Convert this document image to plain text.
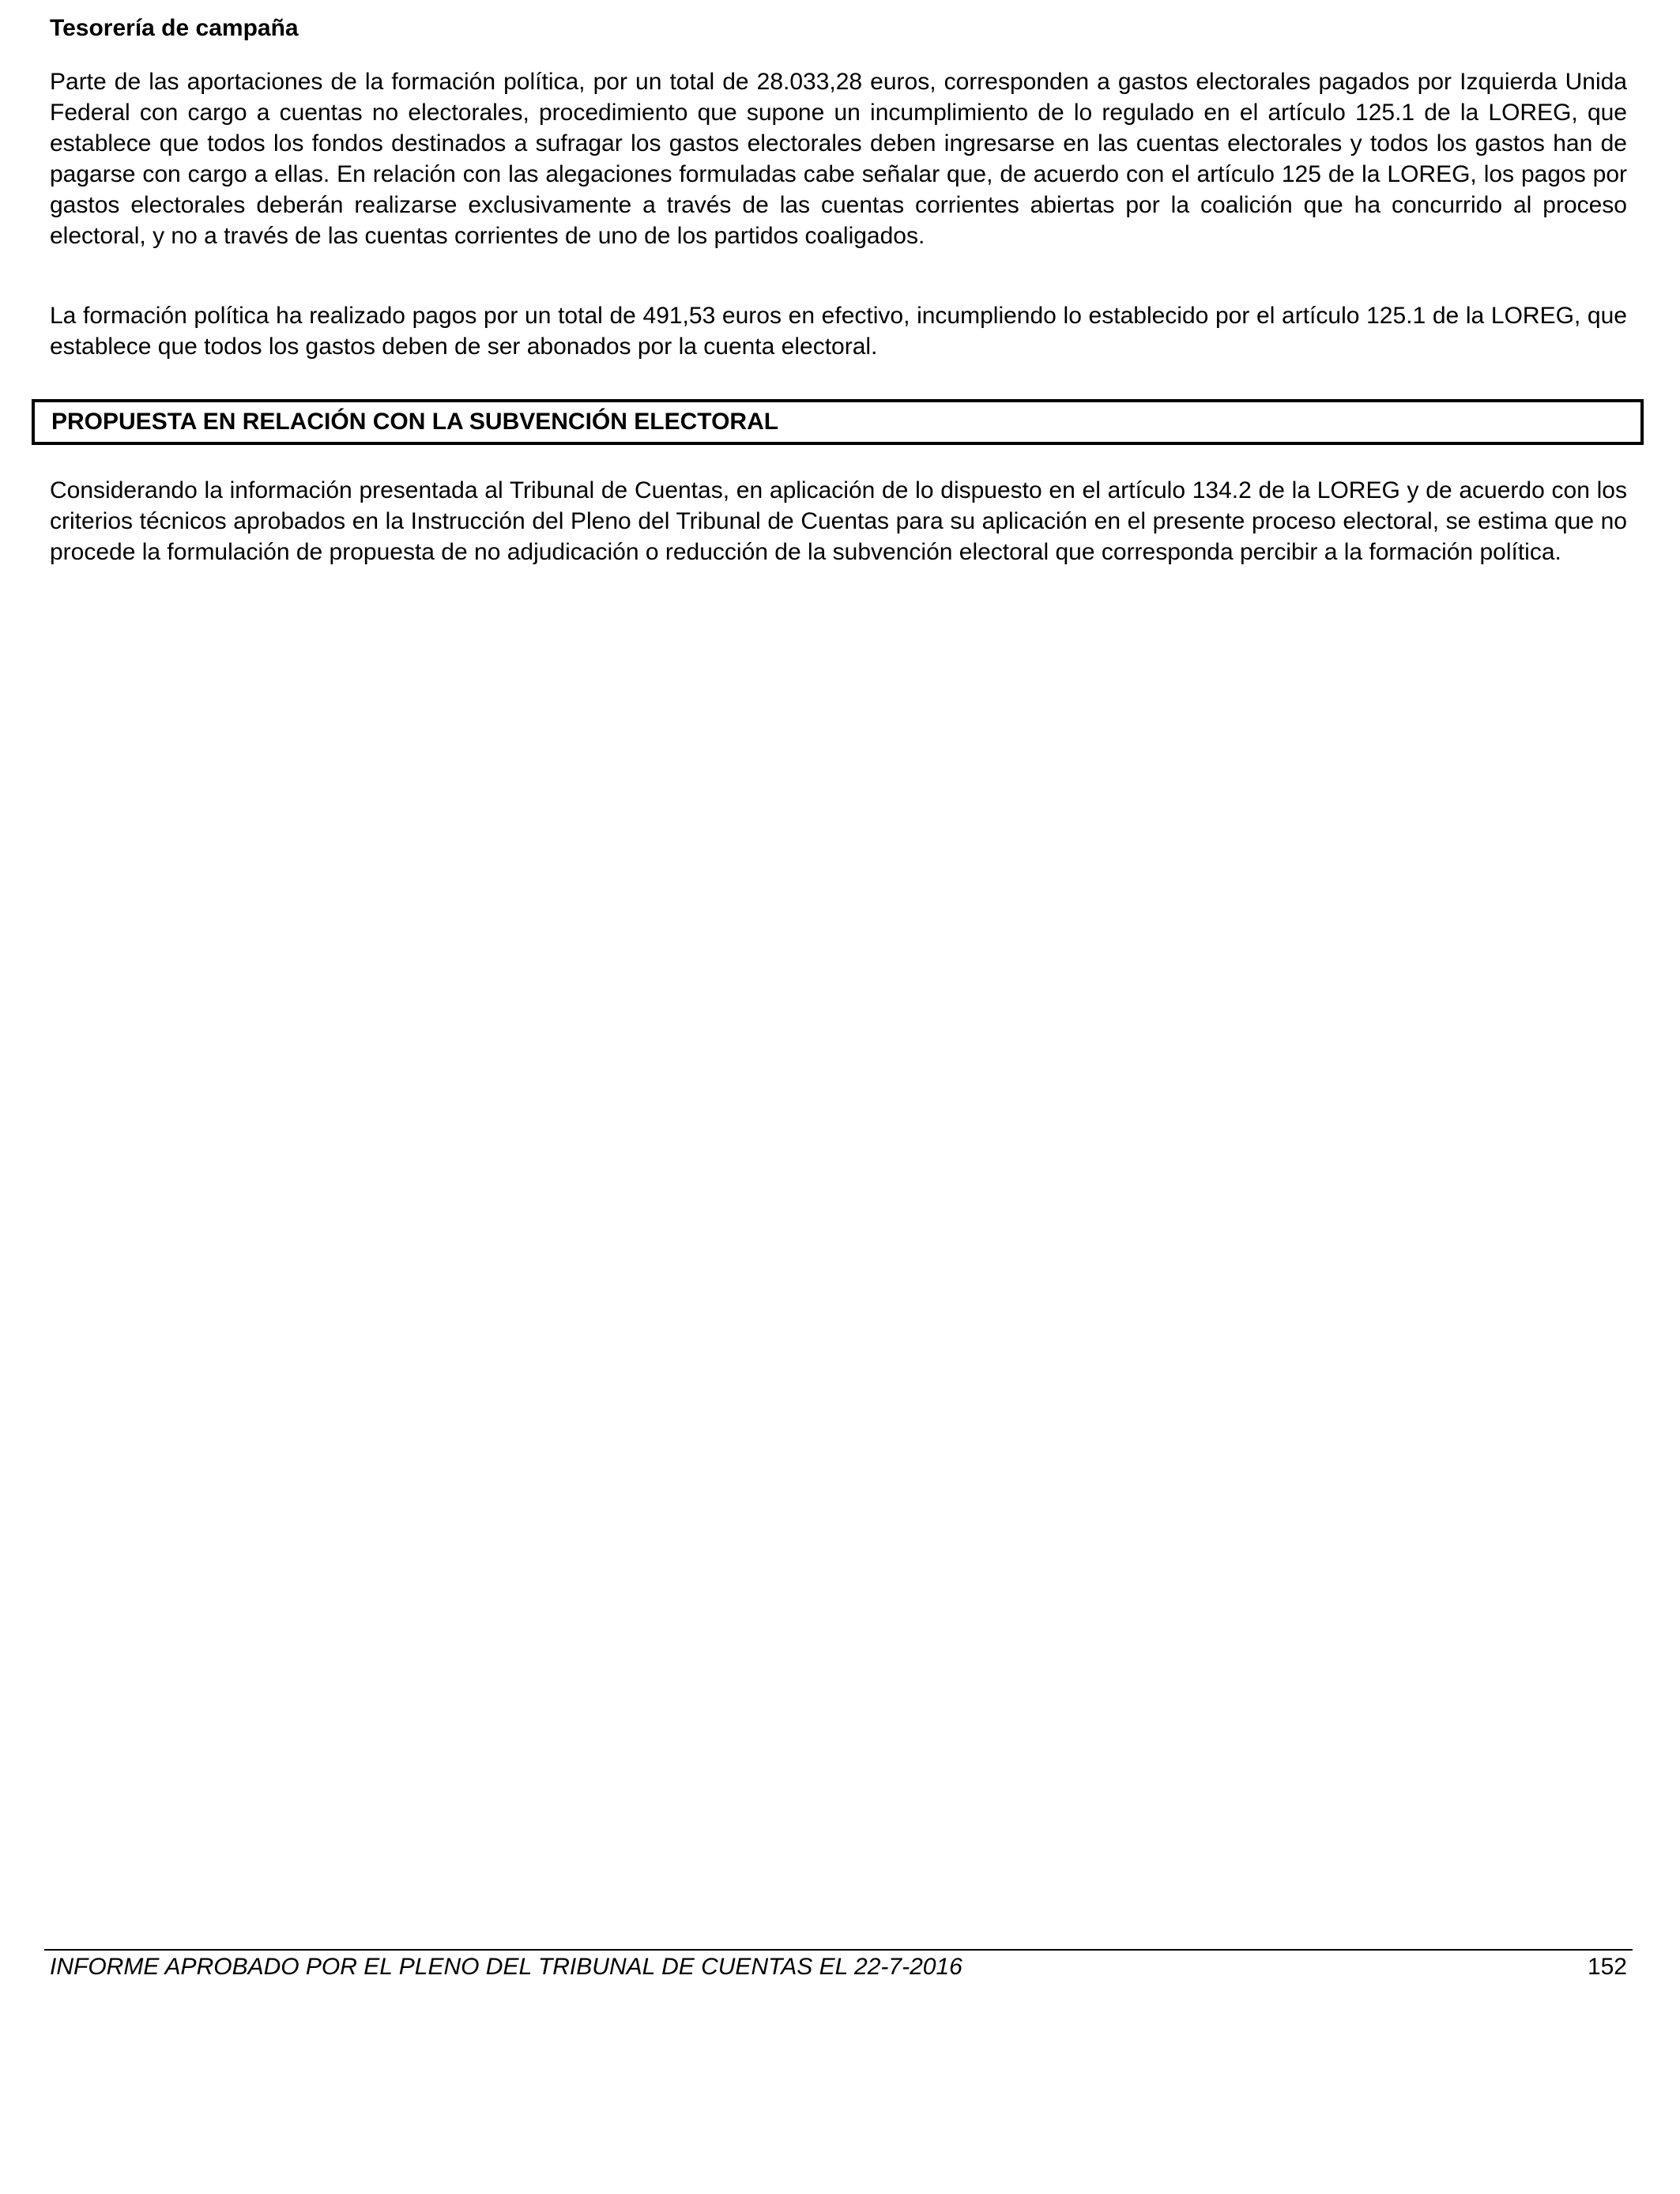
Tesorería de campaña

Parte de las aportaciones de la formación política, por un total de 28.033,28 euros, corresponden a gastos electorales pagados por Izquierda Unida Federal con cargo a cuentas no electorales, procedimiento que supone un incumplimiento de lo regulado en el artículo 125.1 de la LOREG, que establece que todos los fondos destinados a sufragar los gastos electorales deben ingresarse en las cuentas electorales y todos los gastos han de pagarse con cargo a ellas. En relación con las alegaciones formuladas cabe señalar que, de acuerdo con el artículo 125 de la LOREG, los pagos por gastos electorales deberán realizarse exclusivamente a través de las cuentas corrientes abiertas por la coalición que ha concurrido al proceso electoral, y no a través de las cuentas corrientes de uno de los partidos coaligados.

La formación política ha realizado pagos por un total de 491,53 euros en efectivo, incumpliendo lo establecido por el artículo 125.1 de la LOREG, que establece que todos los gastos deben de ser abonados por la cuenta electoral.

PROPUESTA EN RELACIÓN CON LA SUBVENCIÓN ELECTORAL

Considerando la información presentada al Tribunal de Cuentas, en aplicación de lo dispuesto en el artículo 134.2 de la LOREG y de acuerdo con los criterios técnicos aprobados en la Instrucción del Pleno del Tribunal de Cuentas para su aplicación en el presente proceso electoral, se estima que no procede la formulación de propuesta de no adjudicación o reducción de la subvención electoral que corresponda percibir a la formación política.

INFORME APROBADO POR EL PLENO DEL TRIBUNAL DE CUENTAS EL 22-7-2016	152
